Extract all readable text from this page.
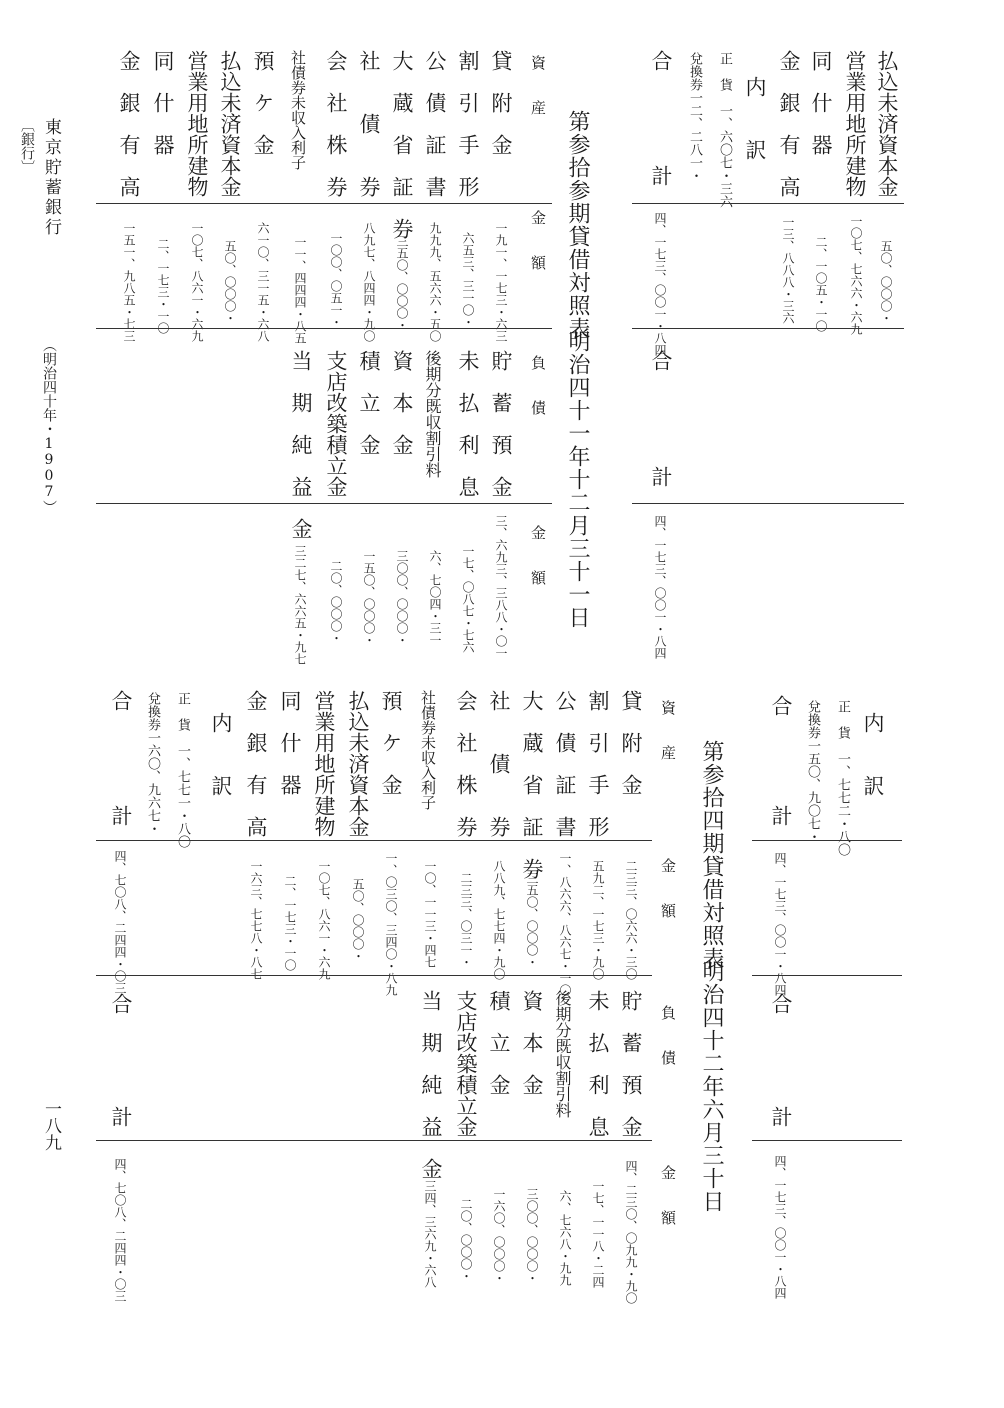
〔銀行〕 東京貯蓄銀行
（明治四十年・1907）
一八九
払込未済資本金
営業用地所建物
同　什　器
金　銀　有　高
内　　訳
正　貨　一、六〇七・三六
兌換券一二、二八一・
合
計
五〇、〇〇〇・
一〇七、七六六・六九
二、一〇五・一〇
一三、八八八・三六
四、一七三、〇〇一・八四
合
計
四、一七三、〇〇一・八四
第参拾参期貸借対照表
明治四十一年十二月三十一日
資　　産
金　　額
負　　債
金　　額
貸　附　金
割　引　手　形
公　債　証　書
大　蔵　省　証　券
社　　債　　券
会　社　株　券
社債券未収入利子
預　ケ　金
払込未済資本金
営業用地所建物
同　什　器
金　銀　有　高
一九一、一七三・六三
六五三、三一〇・
九九九、五六六・五〇
三五〇、〇〇〇・
八九七、八四四・九〇
一〇〇、〇五一・
一一、四四四・八五
六一〇、三一五・六八
五〇、〇〇〇・
一〇七、八六一・六九
二、一七三・一〇
一五一、九八五・七三
貯　蓄　預　金
未　払　利　息
後期分既収割引料
資　本　金
積　立　金
支店改築積立金
当　期　純　益　金
三、六九三、三八八・〇一
一七、〇八七・七六
六、七〇四・三一
三〇〇、〇〇〇・
一五〇、〇〇〇・
二〇、〇〇〇・
三二七、六六五・九七
内　　訳
正　貨　一、七七二・八〇
兌換券一五〇、九〇七・
合
計
四、一七三、〇〇一・八四
合
計
四、一七三、〇〇一・八四
第参拾四期貸借対照表
明治四十二年六月三十日
資　　産
金　　額
負　　債
金　　額
貸　附　金
割　引　手　形
公　債　証　書
大　蔵　省　証　券
社　　債　　券
会　社　株　券
社債券未収入利子
預　ケ　金
払込未済資本金
営業用地所建物
同　什　器
金　銀　有　高
内　　訳
正　貨　一、七七一・八〇
兌換券一六〇、九六七・
合
計
二三三、〇六六・三〇
五九二、一七三・九〇
一、八六六、八六七・一〇
三五〇、〇〇〇・
八八九、七七四・九〇
二三三、〇三一・
一〇、一一三・四七
一、〇三〇、三四〇・八九
五〇、〇〇〇・
一〇七、八六一・六九
二、一七三・一〇
一六三、七七八・八七
四、七〇八、二四四・〇三
貯　蓄　預　金
未　払　利　息
後期分既収割引料
資　本　金
積　立　金
支店改築積立金
当　期　純　益　金
合
計
四、二三〇、〇九九・九〇
一七、一一八・二四
六、七六八・九九
三〇〇、〇〇〇・
一六〇、〇〇〇・
二〇、〇〇〇・
三四、三六九・六八
四、七〇八、二四四・〇三
